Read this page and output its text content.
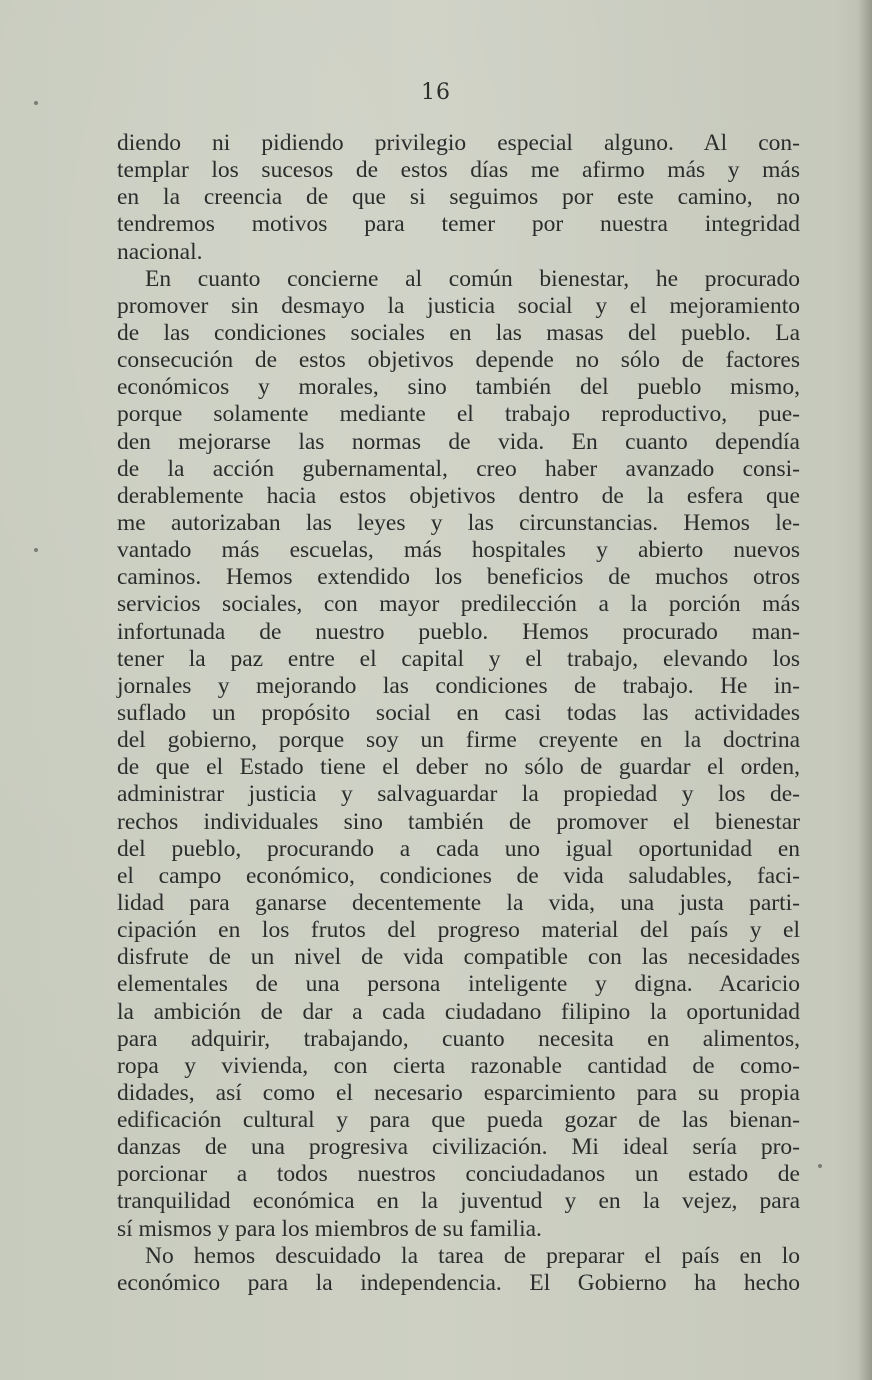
16
diendo ni pidiendo privilegio especial alguno. Al con-
templar los sucesos de estos días me afirmo más y más
en la creencia de que si seguimos por este camino, no
tendremos motivos para temer por nuestra integridad
nacional.
En cuanto concierne al común bienestar, he procurado
promover sin desmayo la justicia social y el mejoramiento
de las condiciones sociales en las masas del pueblo. La
consecución de estos objetivos depende no sólo de factores
económicos y morales, sino también del pueblo mismo,
porque solamente mediante el trabajo reproductivo, pue-
den mejorarse las normas de vida. En cuanto dependía
de la acción gubernamental, creo haber avanzado consi-
derablemente hacia estos objetivos dentro de la esfera que
me autorizaban las leyes y las circunstancias. Hemos le-
vantado más escuelas, más hospitales y abierto nuevos
caminos. Hemos extendido los beneficios de muchos otros
servicios sociales, con mayor predilección a la porción más
infortunada de nuestro pueblo. Hemos procurado man-
tener la paz entre el capital y el trabajo, elevando los
jornales y mejorando las condiciones de trabajo. He in-
suflado un propósito social en casi todas las actividades
del gobierno, porque soy un firme creyente en la doctrina
de que el Estado tiene el deber no sólo de guardar el orden,
administrar justicia y salvaguardar la propiedad y los de-
rechos individuales sino también de promover el bienestar
del pueblo, procurando a cada uno igual oportunidad en
el campo económico, condiciones de vida saludables, faci-
lidad para ganarse decentemente la vida, una justa parti-
cipación en los frutos del progreso material del país y el
disfrute de un nivel de vida compatible con las necesidades
elementales de una persona inteligente y digna. Acaricio
la ambición de dar a cada ciudadano filipino la oportunidad
para adquirir, trabajando, cuanto necesita en alimentos,
ropa y vivienda, con cierta razonable cantidad de como-
didades, así como el necesario esparcimiento para su propia
edificación cultural y para que pueda gozar de las bienan-
danzas de una progresiva civilización. Mi ideal sería pro-
porcionar a todos nuestros conciudadanos un estado de
tranquilidad económica en la juventud y en la vejez, para
sí mismos y para los miembros de su familia.
No hemos descuidado la tarea de preparar el país en lo
económico para la independencia. El Gobierno ha hecho
